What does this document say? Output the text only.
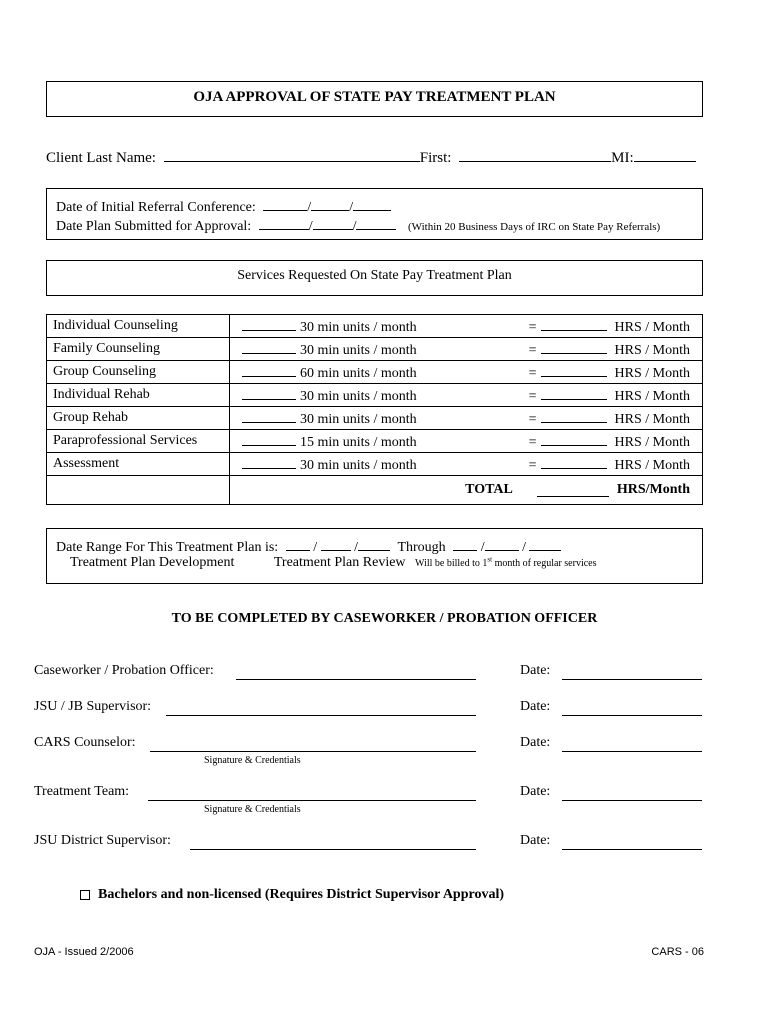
OJA APPROVAL OF STATE PAY TREATMENT PLAN
Client Last Name:	First:	MI:
Date of Initial Referral Conference:	/	/
Date Plan Submitted for Approval:	/	/	(Within 20 Business Days of IRC on State Pay Referrals)
Services Requested On State Pay Treatment Plan
Individual Counseling	30 min units / month = HRS / Month

Family Counseling	30 min units / month = HRS / Month

Group Counseling	60 min units / month = HRS / Month

Individual Rehab	30 min units / month = HRS / Month

Group Rehab	30 min units / month = HRS / Month

Paraprofessional Services	15 min units / month = HRS / Month

Assessment	30 min units / month = HRS / Month

	TOTAL HRS/Month
Date Range For This Treatment Plan is:	/	/	Through	/	/
Treatment Plan Development	Treatment Plan Review Will be billed to 1st month of regular services
TO BE COMPLETED BY CASEWORKER / PROBATION OFFICER
Caseworker / Probation Officer:	Date:
JSU / JB Supervisor:	Date:
CARS Counselor:	Date:
Signature & Credentials
Treatment Team:	Date:
Signature & Credentials
JSU District Supervisor:	Date:
Bachelors and non-licensed (Requires District Supervisor Approval)
OJA - Issued 2/2006	CARS - 06
